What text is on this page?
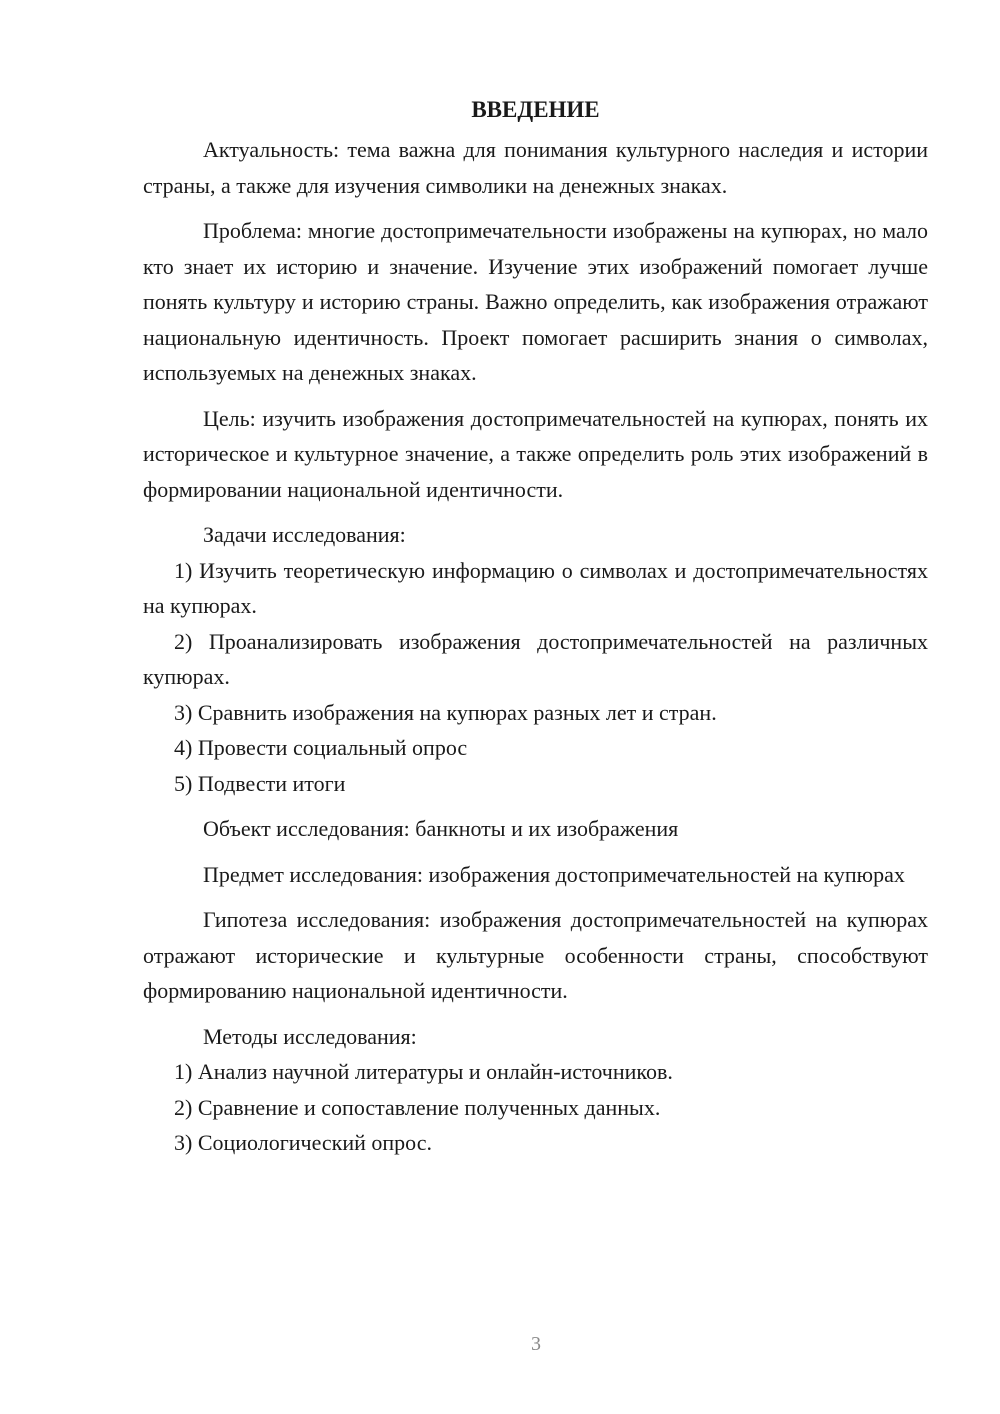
ВВЕДЕНИЕ

Актуальность: тема важна для понимания культурного наследия и истории страны, а также для изучения символики на денежных знаках.

Проблема: многие достопримечательности изображены на купюрах, но мало кто знает их историю и значение. Изучение этих изображений помогает лучше понять культуру и историю страны. Важно определить, как изображения отражают национальную идентичность. Проект помогает расширить знания о символах, используемых на денежных знаках.

Цель: изучить изображения достопримечательностей на купюрах, понять их историческое и культурное значение, а также определить роль этих изображений в формировании национальной идентичности.

Задачи исследования:

1) Изучить теоретическую информацию о символах и достопримечательностях на купюрах.

2) Проанализировать изображения достопримечательностей на различных купюрах.

3) Сравнить изображения на купюрах разных лет и стран.

4) Провести социальный опрос

5) Подвести итоги

Объект исследования: банкноты и их изображения

Предмет исследования: изображения достопримечательностей на купюрах

Гипотеза исследования: изображения достопримечательностей на купюрах отражают исторические и культурные особенности страны, способствуют формированию национальной идентичности.

Методы исследования:

1) Анализ научной литературы и онлайн-источников.

2) Сравнение и сопоставление полученных данных.

3) Социологический опрос.

3
